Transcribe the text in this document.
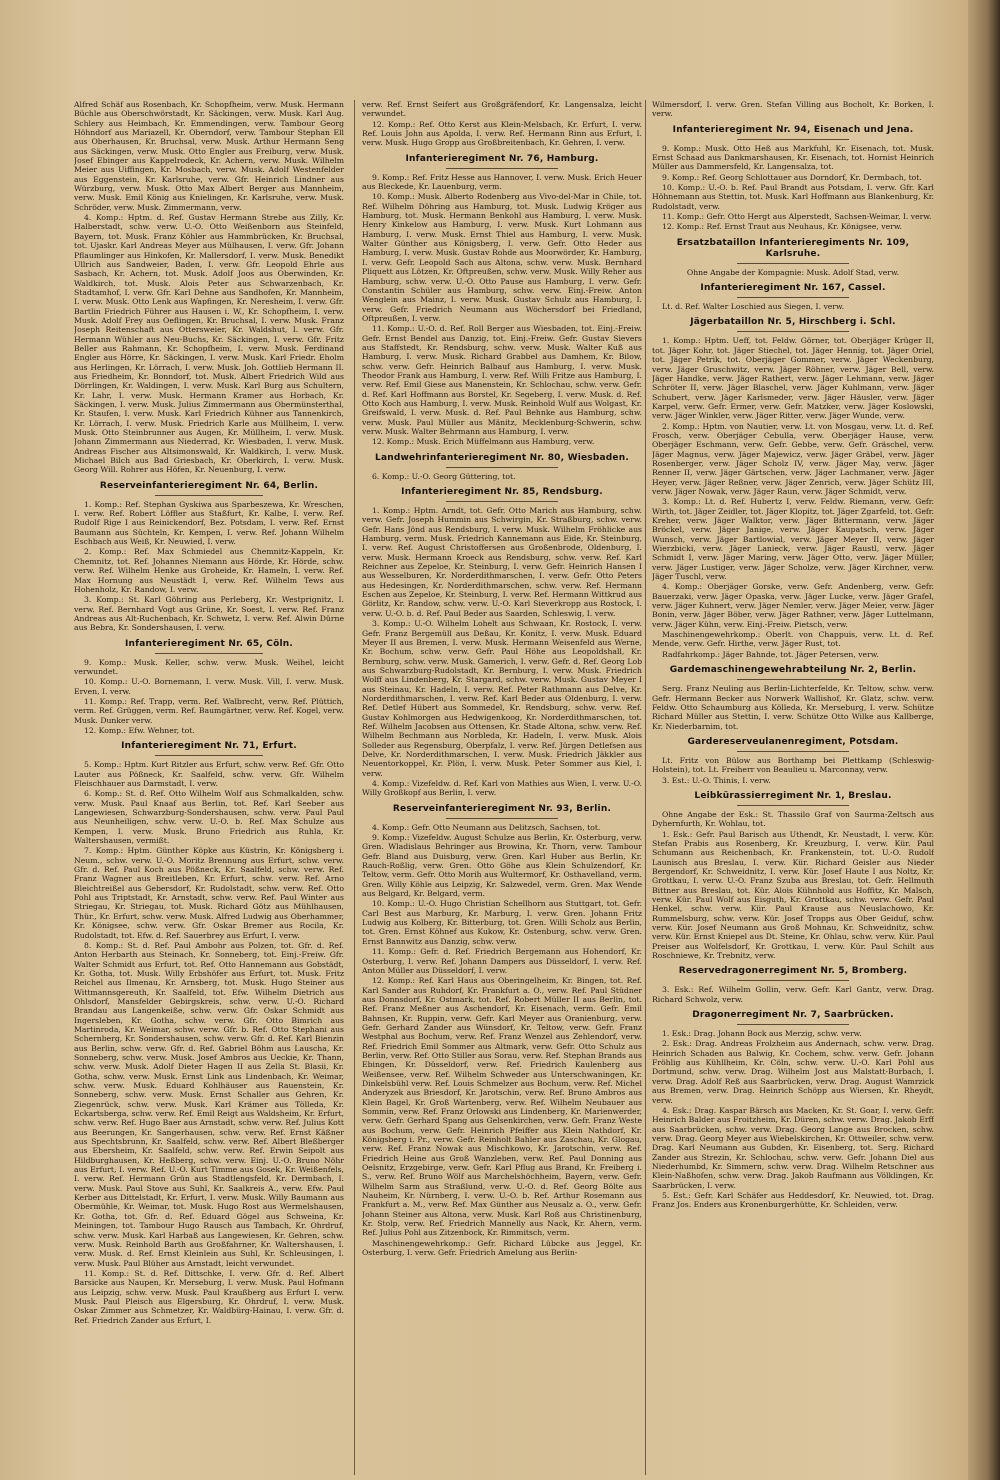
Alfred Schäf aus Rosenbach, Kr. Schopfheim, verw. Musk. Hermann Büchle aus Oberschwörstadt, Kr. Säckingen, verw. Musk. Karl Aug. Schlery aus Heimbach, Kr. Emmendingen, verw. Tambour Georg Höhndorf aus Mariazell, Kr. Oberndorf, verw. Tambour Stephan Ell aus Oberhausen, Kr. Bruchsal, verw. Musk. Arthur Hermann Seng aus Säckingen, verw. Musk. Otto Engler aus Freiburg, verw. Musk. Josef Ebinger aus Kappelrodeck, Kr. Achern, verw. Musk. Wilhelm Meier aus Uiffingen, Kr. Mosbach, verw. Musk. Adolf Westenfelder aus Eggenstein, Kr. Karlsruhe, verw. Gfr. Heinrich Lindner aus Würzburg, verw. Musk. Otto Max Albert Berger aus Mannheim, verw. Musk. Emil König aus Knielingen, Kr. Karlsruhe, verw. Musk. Schröder, verw. Musk. Zimmermann, verw.

4. Komp.: Hptm. d. Ref. Gustav Hermann Strebe aus Zilly, Kr. Halberstadt, schw. verw. U.-O. Otto Weißenborn aus Steinfeld, Bayern, tot. Musk. Franz Köhler aus Hammbrücken, Kr. Bruchsal, tot. Ujaskr. Karl Andreas Meyer aus Mülhausen, I. verw. Gfr. Johann Pflaumlinger aus Hinkofen, Kr. Mallersdorf, I. verw. Musk. Benedikt Ullrich aus Sandweier, Baden, I. verw. Gfr. Leopold Ehrle aus Sasbach, Kr. Achern, tot. Musk. Adolf Joos aus Oberwinden, Kr. Waldkirch, tot. Musk. Alois Peter aus Schwarzenbach, Kr. Stadtamhof, I. verw. Gfr. Karl Dehne aus Sandhofen, Kr. Mannheim, I. verw. Musk. Otto Lenk aus Wapfingen, Kr. Neresheim, I. verw. Gfr. Bartlin Friedrich Führer aus Hausen i. W., Kr. Schopfheim, I. verw. Musk. Adolf Frey aus Oeflingen, Kr. Bruchsal, I. verw. Musk. Franz Joseph Reitenschaft aus Ottersweier, Kr. Waldshut, I. verw. Gfr. Hermann Wühler aus Neu-Buchs, Kr. Säckingen, I. verw. Gfr. Fritz Beller aus Rahmann, Kr. Schopfheim, I. verw. Musk. Ferdinand Engler aus Hörre, Kr. Säckingen, I. verw. Musk. Karl Friedr. Eholm aus Herlingen, Kr. Lörrach, I. verw. Musk. Joh. Gottlieb Hermann II. aus Friedheim, Kr. Bonndorf, tot. Musk. Albert Friedrich Wild aus Dörrlingen, Kr. Waldingen, I. verw. Musk. Karl Burg aus Schultern, Kr. Lahr, I. verw. Musk. Hermann Kramer aus Horbach, Kr. Säckingen, I. verw. Musk. Julius Zimmermann aus Obermünsterthal, Kr. Staufen, I. verw. Musk. Karl Friedrich Kühner aus Tannenkirch, Kr. Lörrach, I. verw. Musk. Friedrich Karle aus Müllheim, I. verw. Musk. Otto Steinbrunner aus Augen, Kr. Müllheim, I. verw. Musk. Johann Zimmermann aus Niederrad, Kr. Wiesbaden, I. verw. Musk. Andreas Fischer aus Altsimonswald, Kr. Waldkirch, I. verw. Musk. Michael Bilch aus Bad Griesbach, Kr. Oberkirch, I. verw. Musk. Georg Will. Rohrer aus Höfen, Kr. Neuenburg, I. verw.

Reserveinfanterieregiment Nr. 64, Berlin.

1. Komp.: Ref. Stephan Gyskiwa aus Sparbeszewa, Kr. Wreschen, I. verw. Ref. Robert Löffler aus Staßfurt, Kr. Kalbe, I. verw. Ref. Rudolf Rige I aus Reinickendorf, Bez. Potsdam, I. verw. Ref. Ernst Baumann aus Süchteln, Kr. Kempen, I. verw. Ref. Johann Wilhelm Eschbach aus Weiß, Kr. Neuwied, I. verw.

2. Komp.: Ref. Max Schmiedel aus Chemnitz-Kappeln, Kr. Chemnitz, tot. Ref. Johannes Niemann aus Hörde, Kr. Hörde, schw. verw. Ref. Wilhelm Henke aus Groheide, Kr. Hameln, I. verw. Ref. Max Hornung aus Neustädt I, verw. Ref. Wilhelm Tews aus Hohenholz, Kr. Randow, I. verw.

3. Komp.: St. Karl Göhring aus Perleberg, Kr. Westprignitz, I. verw. Ref. Bernhard Vogt aus Grüne, Kr. Soest, I. verw. Ref. Franz Andreas aus Alt-Ruchenbach, Kr. Schwetz, I. verw. Ref. Alwin Dürne aus Bebra, Kr. Sondershausen, I. verw.

Infanterieregiment Nr. 65, Cöln.

9. Komp.: Musk. Keller, schw. verw. Musk. Weihel, leicht verwundet.

10. Komp.: U.-O. Bornemann, I. verw. Musk. Vill, I. verw. Musk. Erven, I. verw.

11. Komp.: Ref. Trapp, verm. Ref. Walbrecht, verw. Ref. Plüttich, verm. Ref. Grüggen, verm. Ref. Baumgärtner, verw. Ref. Kogel, verw. Musk. Dunker verw.

12. Komp.: Efw. Wehner, tot.

Infanterieregiment Nr. 71, Erfurt.

5. Komp.: Hptm. Kurt Ritzler aus Erfurt, schw. verw. Ref. Gfr. Otto Lauter aus Pößneck, Kr. Saalfeld, schw. verw. Gfr. Wilhelm Fleischhauer aus Darmstadt, I. verw.

6. Komp.: St. d. Ref. Otto Wilhelm Wolf aus Schmalkalden, schw. verw. Musk. Paul Knaaf aus Berlin, tot. Ref. Karl Seeber aus Langewiesen, Schwarzburg-Sondershausen, schw. verw. Paul Paul aus Neunheiligen, schw. verw. U.-O. b. Ref. Max Schulze aus Kempen, I. verw. Musk. Bruno Friedrich aus Ruhla, Kr. Waltershausen, vermißt.

7. Komp.: Hptm. Günther Köpke aus Küstrin, Kr. Königsberg i. Neum., schw. verw. U.-O. Moritz Brennung aus Erfurt, schw. verw. Gfr. d. Ref. Paul Koch aus Pößneck, Kr. Saalfeld, schw. verw. Ref. Franz Wagner aus Breitleben, Kr. Erfurt, schw. verw. Ref. Arno Bleichtreißel aus Gebersdorf, Kr. Rudolstadt, schw. verw. Ref. Otto Pohl aus Triptstadt, Kr. Arnstadt, schw. verw. Ref. Paul Winter aus Striegau, Kr. Striegau, tot. Musk. Richard Götz aus Mühlhausen, Thür., Kr. Erfurt, schw. verw. Musk. Alfred Ludwig aus Oberhammer, Kr. Königsee, schw. verw. Gfr. Oskar Bremer aus Rocila, Kr. Rudolstadt, tot. Efw. d. Ref. Sauerbrey aus Erfurt, I. verw.

8. Komp.: St. d. Ref. Paul Ambohr aus Polzen, tot. Gfr. d. Ref. Anton Herbarth aus Steinach, Kr. Sonneberg, tot. Einj.-Freiw. Gfr. Walter Schmidt aus Erfurt, tot. Ref. Otto Hannemann aus Gobstädt, Kr. Gotha, tot. Musk. Willy Erbshöfer aus Erfurt, tot. Musk. Fritz Reichel aus Ilmenau, Kr. Arnsberg, tot. Musk. Hugo Steiner aus Wittmannsgereuth, Kr. Saalfeld, tot. Efw. Wilhelm Dietrich aus Ohlsdorf, Mansfelder Gebirgskreis, schw. verw. U.-O. Richard Brandau aus Langenkeiße, schw. verw. Gfr. Oskar Schmidt aus Ingersleben, Kr. Gotha, schw. verw. Gfr. Otto Bimrich aus Martinroda, Kr. Weimar, schw. verw. Gfr. b. Ref. Otto Stephani aus Schernberg, Kr. Sondershausen, schw. verw. Gfr. d. Ref. Karl Bienzin aus Berlin, schw. verw. Gfr. d. Ref. Gabriel Böhm aus Lauscha, Kr. Sonneberg, schw. verw. Musk. Josef Ambros aus Ueckie, Kr. Thann, schw. verw. Musk. Adolf Dieter Hagen II aus Zella St. Blasii, Kr. Gotha, schw. verw. Musk. Ernst Link aus Lindenbach, Kr. Weimar, schw. verw. Musk. Eduard Kohlhäuser aus Rauenstein, Kr. Sonneberg, schw. verw. Musk. Ernst Schaller aus Gehren, Kr. Ziegenrück, schw. verw. Musk. Karl Krämer aus Tölleda, Kr. Eckartsberga, schw. verw. Ref. Emil Reigt aus Waldsheim, Kr. Erfurt, schw. verw. Ref. Hugo Baer aus Arnstadt, schw. verw. Ref. Julius Kott aus Beerungen, Kr. Sangerhausen, schw. verw. Ref. Ernst Käßner aus Spechtsbrunn, Kr. Saalfeld, schw. verw. Ref. Albert Bleßberger aus Ebersheim, Kr. Saalfeld, schw. verw. Ref. Erwin Seipolt aus Hildburghausen, Kr. Heßberg, schw. verw. Einj. U.-O. Bruno Nöhr aus Erfurt, I. verw. Ref. U.-O. Kurt Timme aus Gosek, Kr. Weißenfels, I. verw. Ref. Hermann Grün aus Stadtlengsfeld, Kr. Dermbach, I. verw. Musk. Paul Stove aus Suhl, Kr. Saalkreis A., verw. Efw. Paul Kerber aus Dittelstadt, Kr. Erfurt, I. verw. Musk. Willy Baumann aus Obermühle, Kr. Weimar, tot. Musk. Hugo Rost aus Wermelshausen, Kr. Gotha, tot. Gfr. d. Ref. Eduard Gögel aus Schweina, Kr. Meiningen, tot. Tambour Hugo Rausch aus Tambach, Kr. Ohrdruf, schw. verw. Musk. Karl Harbaß aus Langewiesen, Kr. Gehren, schw. verw. Musk. Reinhold Barth aus Großfahrner, Kr. Waltershausen, I. verw. Musk. d. Ref. Ernst Kleinlein aus Suhl, Kr. Schleusingen, I. verw. Musk. Paul Blüher aus Arnstadt, leicht verwundet.

11. Komp.: St. d. Ref. Dittschke, I. verw. Gfr. d. Ref. Albert Barsicke aus Naupen, Kr. Merseburg, I. verw. Musk. Paul Hofmann aus Leipzig, schw. verw. Musk. Paul Kraußberg aus Erfurt I. verw. Musk. Paul Pleisch aus Elgersburg, Kr. Ohrdruf, I. verw. Musk. Oskar Zimmer aus Schmetzer, Kr. Waldbürg-Hainau, I. verw. Gfr. d. Ref. Friedrich Zander aus Erfurt, I.

verw. Ref. Ernst Seifert aus Großgräfendorf, Kr. Langensalza, leicht verwundet.

12. Komp.: Ref. Otto Kerst aus Klein-Melsbach, Kr. Erfurt, I. verw. Ref. Louis John aus Apolda, I. verw. Ref. Hermann Rinn aus Erfurt, I. verw. Musk. Hugo Gropp aus Großbreitenbach, Kr. Gehren, I. verw.

Infanterieregiment Nr. 76, Hamburg.

9. Komp.: Ref. Fritz Hesse aus Hannover, I. verw. Musk. Erich Heuer aus Bleckede, Kr. Lauenburg, verm.

10. Komp.: Musk. Alberto Rodenberg aus Vivo-del-Mar in Chile, tot. Ref. Wilhelm Döhring aus Hamburg, tot. Musk. Ludwig Kröger aus Hamburg, tot. Musk. Hermann Benkohl aus Hamburg, I. verw. Musk. Henry Kinkelow aus Hamburg, I. verw. Musk. Kurt Lohmann aus Hamburg, I. verw. Musk. Ernst Thiel aus Hamburg, I. verw. Musk. Walter Günther aus Königsberg, I. verw. Gefr. Otto Heder aus Hamburg, I. verw. Musk. Gustav Rohde aus Moorwörder, Kr. Hamburg, I. verw. Gefr. Leopold Sach aus Altona, schw. verw. Musk. Bernhard Pliquett aus Lötzen, Kr. Oftpreußen, schw. verw. Musk. Willy Reher aus Hamburg, schw. verw. U.-O. Otto Pause aus Hamburg, I. verw. Gefr. Constantin Schüler aus Hamburg, schw. verw. Einj.-Freiw. Anton Wenglein aus Mainz, I. verw. Musk. Gustav Schulz aus Hamburg, I. verw. Gefr. Friedrich Neumann aus Wöchersdorf bei Friedland, Oftpreußen, I. verw.

11. Komp.: U.-O. d. Ref. Roll Berger aus Wiesbaden, tot. Einj.-Freiw. Gefr. Ernst Bendel aus Danzig, tot. Einj.-Freiw. Gefr. Gustav Sievers aus Staffstedt, Kr. Rendsburg, schw. verw. Musk. Walter Kuß aus Hamburg, I. verw. Musk. Richard Grabbel aus Damhem, Kr. Bilow, schw. verw. Gefr. Heinrich Balbauf aus Hamburg, I. verw. Musk. Theodor Frank aus Hamburg, I. verw. Ref. Willi Fritze aus Hamburg, I. verw. Ref. Emil Giese aus Manenstein, Kr. Schlochau, schw. verw. Gefr. d. Ref. Karl Hoffmann aus Borstel, Kr. Segeberg, I. verw. Musk. d. Ref. Otto Koch aus Hamburg, I. verw. Musk. Reinhold Wulf aus Wolgast, Kr. Greifswald, I. verw. Musk. d. Ref. Paul Behnke aus Hamburg, schw. verw. Musk. Paul Müller aus Mänitz, Mecklenburg-Schwerin, schw. verw. Musk. Walter Behrmann aus Hamburg, I. verw.

12. Komp.: Musk. Erich Müffelmann aus Hamburg, verw.

Landwehrinfanterieregiment Nr. 80, Wiesbaden.

6. Komp.: U.-O. Georg Güttering, tot.

Infanterieregiment Nr. 85, Rendsburg.

1. Komp.: Hptm. Arndt, tot. Gefr. Otto Marich aus Hamburg, schw. verw. Gefr. Joseph Hummin aus Schwirgin, Kr. Straßburg, schw. verw. Gefr. Hans Jönd aus Rendsburg, I. verw. Musk. Wilhelm Fröhlicke aus Hamburg, verm. Musk. Friedrich Kannemann aus Eide, Kr. Steinburg, I. verw. Ref. August Christoffersen aus Großenbrode, Oldenburg, I. verw. Musk. Hermann Kroeck aus Rendsburg, schw. verw. Ref. Karl Reichner aus Zepeloe, Kr. Steinburg, I. verw. Gefr. Heinrich Hansen I aus Wesselburen, Kr. Norderdithmarschen, I. verw. Gefr. Otto Peters aus Hedesingen, Kr. Norderdithmarschen, schw. verw. Ref. Hermann Eschen aus Zepeloe, Kr. Steinburg, I. verw. Ref. Hermann Wittkrud aus Görlitz, Kr. Randow, schw. verw. U.-O. Karl Sieverkropp aus Rostock, I. verw. U.-O. b. d. Ref. Paul Beder aus Saarden, Schleswig, I. verw.

3. Komp.: U.-O. Wilhelm Lohelt aus Schwaan, Kr. Rostock, I. verw. Gefr. Franz Bergemüll aus Deßau, Kr. Konitz, I. verw. Musk. Eduard Meyer II aus Bremen, I. verw. Musk. Hermann Weisenfeld aus Werne, Kr. Bochum, schw. verw. Gefr. Paul Höhe aus Leopoldshall, Kr. Bernburg, schw. verw. Musk. Gamerich, I. verw. Gefr. d. Ref. Georg Lob aus Schwarzburg-Rudolstadt, Kr. Bernburg, I. verw. Musk. Friedrich Wolff aus Lindenberg, Kr. Stargard, schw. verw. Musk. Gustav Meyer I aus Steinau, Kr. Hadeln, I. verw. Ref. Peter Rathmann aus Delve, Kr. Norderdithmarschen, I. verw. Ref. Karl Beder aus Oldenburg, I. verw. Ref. Detlef Hübert aus Sommedel, Kr. Rendsburg, schw. verw. Ref. Gustav Kohlmorgen aus Hedwigenkoog, Kr. Norderdithmarschen, tot. Ref. Wilhelm Jacobsen aus Ottensen, Kr. Stade Altona, schw. verw. Ref. Wilhelm Bechmann aus Norbleda, Kr. Hadeln, I. verw. Musk. Alois Solleder aus Regensburg, Oberpfalz, I. verw. Ref. Jürgen Detlefsen aus Delve, Kr. Norderdithmarschen, I. verw. Musk. Friedrich Jäkkler aus Neuentorkoppel, Kr. Plön, I. verw. Musk. Peter Sommer aus Kiel, I. verw.

4. Komp.: Vizefeldw. d. Ref. Karl von Mathies aus Wien, I. verw. U.-O. Willy Großkopf aus Berlin, I. verw.

Reserveinfanterieregiment Nr. 93, Berlin.

4. Komp.: Gefr. Otto Neumann aus Delitzsch, Sachsen, tot.

9. Komp.: Vizefeldw. August Schulze aus Berlin, Kr. Osterburg, verw. Gren. Wladislaus Behringer aus Browina, Kr. Thorn, verw. Tambour Gefr. Bland aus Duisburg, verw. Gren. Karl Huber aus Berlin, Kr. Rauch-Roßlig, verw. Gren. Otto Göhe aus Klein Schulzendorf, Kr. Teltow, verm. Gefr. Otto Morih aus Wultermorf, Kr. Osthavelland, verm. Gren. Willy Köhle aus Leipzig, Kr. Salzwedel, verm. Gren. Max Wende aus Belgard, Kr. Belgard, verm.

10. Komp.: U.-O. Hugo Christian Schellhorn aus Stuttgart, tot. Gefr. Carl Best aus Marburg, Kr. Marburg, I. verw. Gren. Johann Fritz Ludwig aus Kolberg, Kr. Bitterburg, tot. Gren. Willi Scholz aus Berlin, tot. Gren. Ernst Köhnef aus Kukow, Kr. Ostenburg, schw. verw. Gren. Ernst Bannwitz aus Danzig, schw. verw.

11. Komp.: Gefr. d. Ref. Friedrich Bergemann aus Hohendorf, Kr. Osterburg, I. verw. Ref. Johann Dampers aus Düsseldorf, I. verw. Ref. Anton Müller aus Düsseldorf, I. verw.

12. Komp.: Ref. Karl Haus aus Oberingelheim, Kr. Bingen, tot. Ref. Karl Sander aus Ruhdorf, Kr. Frankfurt a. O., verw. Ref. Paul Stüdner aus Donnsdorf, Kr. Ostmark, tot. Ref. Robert Müller II aus Berlin, tot. Ref. Franz Meßner aus Aschendorf, Kr. Eisenach, verm. Gefr. Emil Bahnsen, Kr. Ruppin, verw. Gefr. Karl Meyer aus Oranienburg, verw. Gefr. Gerhard Zander aus Wünsdorf, Kr. Teltow, verw. Gefr. Franz Westphal aus Bochum, verw. Ref. Franz Wenzel aus Zehlendorf, verw. Ref. Friedrich Emil Sommer aus Altmark, verw. Gefr. Otto Schulz aus Berlin, verw. Ref. Otto Stiller aus Sorau, verw. Ref. Stephan Brands aus Ebingen, Kr. Düsseldorf, verw. Ref. Friedrich Kaulenberg aus Weißensee, verw. Ref. Wilhelm Schweder aus Unterschwaningen, Kr. Dinkelsbühl verw. Ref. Louis Schmelzer aus Bochum, verw. Ref. Michel Anderyzek aus Briesdorf, Kr. Jarotschin, verw. Ref. Bruno Ambros aus Klein Bagel, Kr. Groß Wartenberg, verw. Ref. Wilhelm Neubauer aus Sommin, verw. Ref. Franz Orlowski aus Lindenberg, Kr. Marienwerder, verw. Gefr. Gerhard Spang aus Gelsenkirchen, verw. Gefr. Franz Weste aus Bochum, verw. Gefr. Heinrich Pfeiffer aus Klein Nathdorf, Kr. Königsberg i. Pr., verw. Gefr. Reinholt Bahler aus Zaschau, Kr. Glogau, verw. Ref. Franz Nowak aus Mischkowo, Kr. Jarotschin, verw. Ref. Friedrich Heine aus Groß Wanzleben, verw. Ref. Paul Donning aus Oelsnitz, Erzgebirge, verw. Gefr. Karl Pflug aus Brand, Kr. Freiberg i. S., verw. Ref. Bruno Wölf aus Marchelshöchheim, Bayern, verw. Gefr. Wilhelm Sarm aus Straßlund, verw. U.-O. d. Ref. Georg Bölte aus Nauheim, Kr. Nürnberg, I. verw. U.-O. b. Ref. Arthur Rosemann aus Frankfurt a. M., verw. Ref. Max Günther aus Neusalz a. O., verw. Gefr. Johann Steiner aus Altona, verw. Musk. Karl Roß aus Christinenburg, Kr. Stolp, verw. Ref. Friedrich Mannelly aus Nack, Kr. Ahern, verm. Ref. Julius Pohl aus Zitzenbock, Kr. Rimmitsch, verm.

Maschinengewehrkomp.: Gefr. Richard Lübcke aus Jeggel, Kr. Osterburg, I. verw. Gefr. Friedrich Amelung aus Berlin-

Wilmersdorf, I. verw. Gren. Stefan Villing aus Bocholt, Kr. Borken, I. verw.

Infanterieregiment Nr. 94, Eisenach und Jena.

9. Komp.: Musk. Otto Heß aus Markfuhl, Kr. Eisenach, tot. Musk. Ernst Schaad aus Dankmarshausen, Kr. Eisenach, tot. Hornist Heinrich Müller aus Dammersfeld, Kr. Langensalza, tot.

9. Komp.: Ref. Georg Schlottauer aus Dorndorf, Kr. Dermbach, tot.

10. Komp.: U.-O. b. Ref. Paul Brandt aus Potsdam, I. verw. Gfr. Karl Höhnemann aus Stettin, tot. Musk. Karl Hoffmann aus Blankenburg, Kr. Rudolstadt, verw.

11. Komp.: Gefr. Otto Hergt aus Alperstedt, Sachsen-Weimar, I. verw.

12. Komp.: Ref. Ernst Traut aus Neuhaus, Kr. Königsee, verw.

Ersatzbataillon Infanterieregiments Nr. 109, Karlsruhe.

Ohne Angabe der Kompagnie: Musk. Adolf Stad, verw.

Infanterieregiment Nr. 167, Cassel.

Lt. d. Ref. Walter Loschied aus Siegen, I. verw.

Jägerbataillon Nr. 5, Hirschberg i. Schl.

1. Komp.: Hptm. Ueff, tot. Feldw. Görner, tot. Oberjäger Krüger II, tot. Jäger Kohr, tot. Jäger Stiechel, tot. Jäger Hennig, tot. Jäger Oriel, tot. Jäger Petrik, tot. Oberjäger Gommer, verw. Jäger Weckenburg, verw. Jäger Gruschwitz, verw. Jäger Röhner, verw. Jäger Bell, verw. Jäger Handke, verw. Jäger Rathert, verw. Jäger Lehmann, verw. Jäger Schröter II, verw. Jäger Blaschel, verw. Jäger Kuhlmann, verw. Jäger Schubert, verw. Jäger Karlsmeder, verw. Jäger Häusler, verw. Jäger Karpel, verw. Gefr. Ermer, verw. Gefr. Matzker, verw. Jäger Koslowski, verw. Jäger Winkler, verw. Jäger Ritter, verw. Jäger Wunde, verw.

2. Komp.: Hptm. von Nautier, verw. Lt. von Mosgau, verw. Lt. d. Ref. Frosch, verw. Oberjäger Cebulla, verw. Oberjäger Hause, verw. Oberjäger Eschmann, verw. Gefr. Gebbe, verw. Gefr. Gräschel, verw. Jäger Magnus, verw. Jäger Majewicz, verw. Jäger Gräbel, verw. Jäger Rosenberger, verw. Jäger Scholz IV, verw. Jäger May, verw. Jäger Renner II, verw. Jäger Gärtschen, verw. Jäger Lachmaner, verw. Jäger Heyer, verw. Jäger Reßner, verw. Jäger Zenrich, verw. Jäger Schütz III, verw. Jäger Nowak, verw. Jäger Raun, verw. Jäger Schmidt, verw.

3. Komp.: Lt. d. Ref. Hubertz I, verw. Feldw. Riemann, verw. Gefr. Wirth, tot. Jäger Zeidler, tot. Jäger Klopitz, tot. Jäger Zgarfeld, tot. Gefr. Kreher, verw. Jäger Walktor, verw. Jäger Bittermann, verw. Jäger Bröckel, verw. Jäger Janige, verw. Jäger Kaupatsch, verw. Jäger Wunsch, verw. Jäger Bartlowial, verw. Jäger Meyer II, verw. Jäger Wierzbicki, verw. Jäger Lanieck, verw. Jäger Raustl, verw. Jäger Schmidt I, verw. Jäger Maring, verw. Jäger Otto, verw. Jäger Müller, verw. Jäger Lustiger, verw. Jäger Scholze, verw. Jäger Kirchner, verw. Jäger Tuschl, verw.

4. Komp.: Oberjäger Gorske, verw. Gefr. Andenberg, verw. Gefr. Bauerzaki, verw. Jäger Opaska, verw. Jäger Lucke, verw. Jäger Grafel, verw. Jäger Kuhnert, verw. Jäger Nemler, verw. Jäger Meier, verw. Jäger Bonin, verw. Jäger Böber, verw. Jäger Rathner, verw. Jäger Luttelmann, verw. Jäger Kühn, verw. Einj.-Freiw. Pietsch, verw.

Maschinengewehrkomp.: Oberlt. von Chappuis, verw. Lt. d. Ref. Mende, verw. Gefr. Hirthe, verw. Jäger Rust, tot.

Radfahrkomp.: Jäger Bahnde, tot. Jäger Petersen, verw.

Gardemaschinengewehrabteilung Nr. 2, Berlin.

Serg. Franz Neuling aus Berlin-Lichterfelde, Kr. Teltow, schw. verw. Gefr. Hermann Becker aus Norwerk Wallishof, Kr. Glatz, schw. verw. Feldw. Otto Schaumburg aus Kölleda, Kr. Merseburg, I. verw. Schütze Richard Müller aus Stettin, I. verw. Schütze Otto Wilke aus Kallberge, Kr. Niederbarnim, tot.

Gardereserveulanenregiment, Potsdam.

Lt. Fritz von Bülow aus Borthamp bei Plettkamp (Schleswig-Holstein), tot. Lt. Freiherr von Beaulieu u. Marconnay, verw.

3. Est.: U.-O. Thinis, I. verw.

Leibkürassierregiment Nr. 1, Breslau.

Ohne Angabe der Esk.: St. Thassilo Graf von Saurma-Zeltsch aus Dyhernfurth, Kr. Wohlau, tot.

1. Esk.: Gefr. Paul Barisch aus Uthendt, Kr. Neustadt, I. verw. Kür. Stefan Prabis aus Rosenberg, Kr. Kreuzburg, I. verw. Kür. Paul Schumann aus Reichenbach, Kr. Frankenstein, tot. U.-O. Rudolf Launisch aus Breslau, I. verw. Kür. Richard Geisler aus Nieder Bergendorf, Kr. Schweidnitz, I. verw. Kür. Josef Haute I aus Noltz, Kr. Grottkau, I. verw. U.-O. Franz Szuba aus Breslau, tot. Gefr. Hellmuth Bittner aus Breslau, tot. Kür. Alois Kühnhold aus Hoffitz, Kr. Malsch, verw. Kür. Paul Wolf aus Eisguth, Kr. Grottkau, schw. verw. Gefr. Paul Henkel, schw. verw. Kür. Paul Krause aus Neuslachowo, Kr. Rummelsburg, schw. verw. Kür. Josef Tropps aus Ober Geiduf, schw. verw. Kür. Josef Neumann aus Groß Mohnau, Kr. Schweidnitz, schw. verw. Kür. Ernst Kniepel aus Dt. Steine, Kr. Ohlau, schw. verw. Kür. Paul Preiser aus Wolfelsdorf, Kr. Grottkau, I. verw. Kür. Paul Schilt aus Roschniewe, Kr. Trebnitz, verw.

Reservedragonerregiment Nr. 5, Bromberg.

3. Esk.: Ref. Wilhelm Gollin, verw. Gefr. Karl Gantz, verw. Drag. Richard Schwolz, verw.

Dragonerregiment Nr. 7, Saarbrücken.

1. Esk.: Drag. Johann Bock aus Merzig, schw. verw.

2. Esk.: Drag. Andreas Frolzheim aus Andernach, schw. verw. Drag. Heinrich Schaden aus Balwig, Kr. Cochem, schw. verw. Gefr. Johann Fröhlig aus Kühllheim, Kr. Cöln, schw. verw. U.-O. Karl Pohl aus Dortmund, schw. verw. Drag. Wilhelm Jost aus Malstatt-Burbach, I. verw. Drag. Adolf Reß aus Saarbrücken, verw. Drag. August Wamrzick aus Bremen, verw. Drag. Heinrich Schöpp aus Wiersen, Kr. Rheydt, verw.

4. Esk.: Drag. Kaspar Bärsch aus Macken, Kr. St. Goar, I. verw. Gefr. Heinrich Balder aus Froitzheim, Kr. Düren, schw. verw. Drag. Jakob Erff aus Saarbrücken, schw. verw. Drag. Georg Lange aus Brocken, schw. verw. Drag. Georg Meyer aus Wiebelskirchen, Kr. Ottweiler, schw. verw. Drag. Karl Neumann aus Gubden, Kr. Eisenberg, tot. Serg. Richard Zander aus Strezin, Kr. Schlochau, schw. verw. Gefr. Johann Diel aus Niederhumbd, Kr. Simmern, schw. verw. Drag. Wilhelm Retschner aus Klein-Naßhofen, schw. verw. Drag. Jakob Raufmann aus Völklingen, Kr. Saarbrücken, I. verw.

5. Est.: Gefr. Karl Schäfer aus Heddesdorf, Kr. Neuwied, tot. Drag. Franz Jos. Enders aus Kronenburgerhütte, Kr. Schleiden, verw.
